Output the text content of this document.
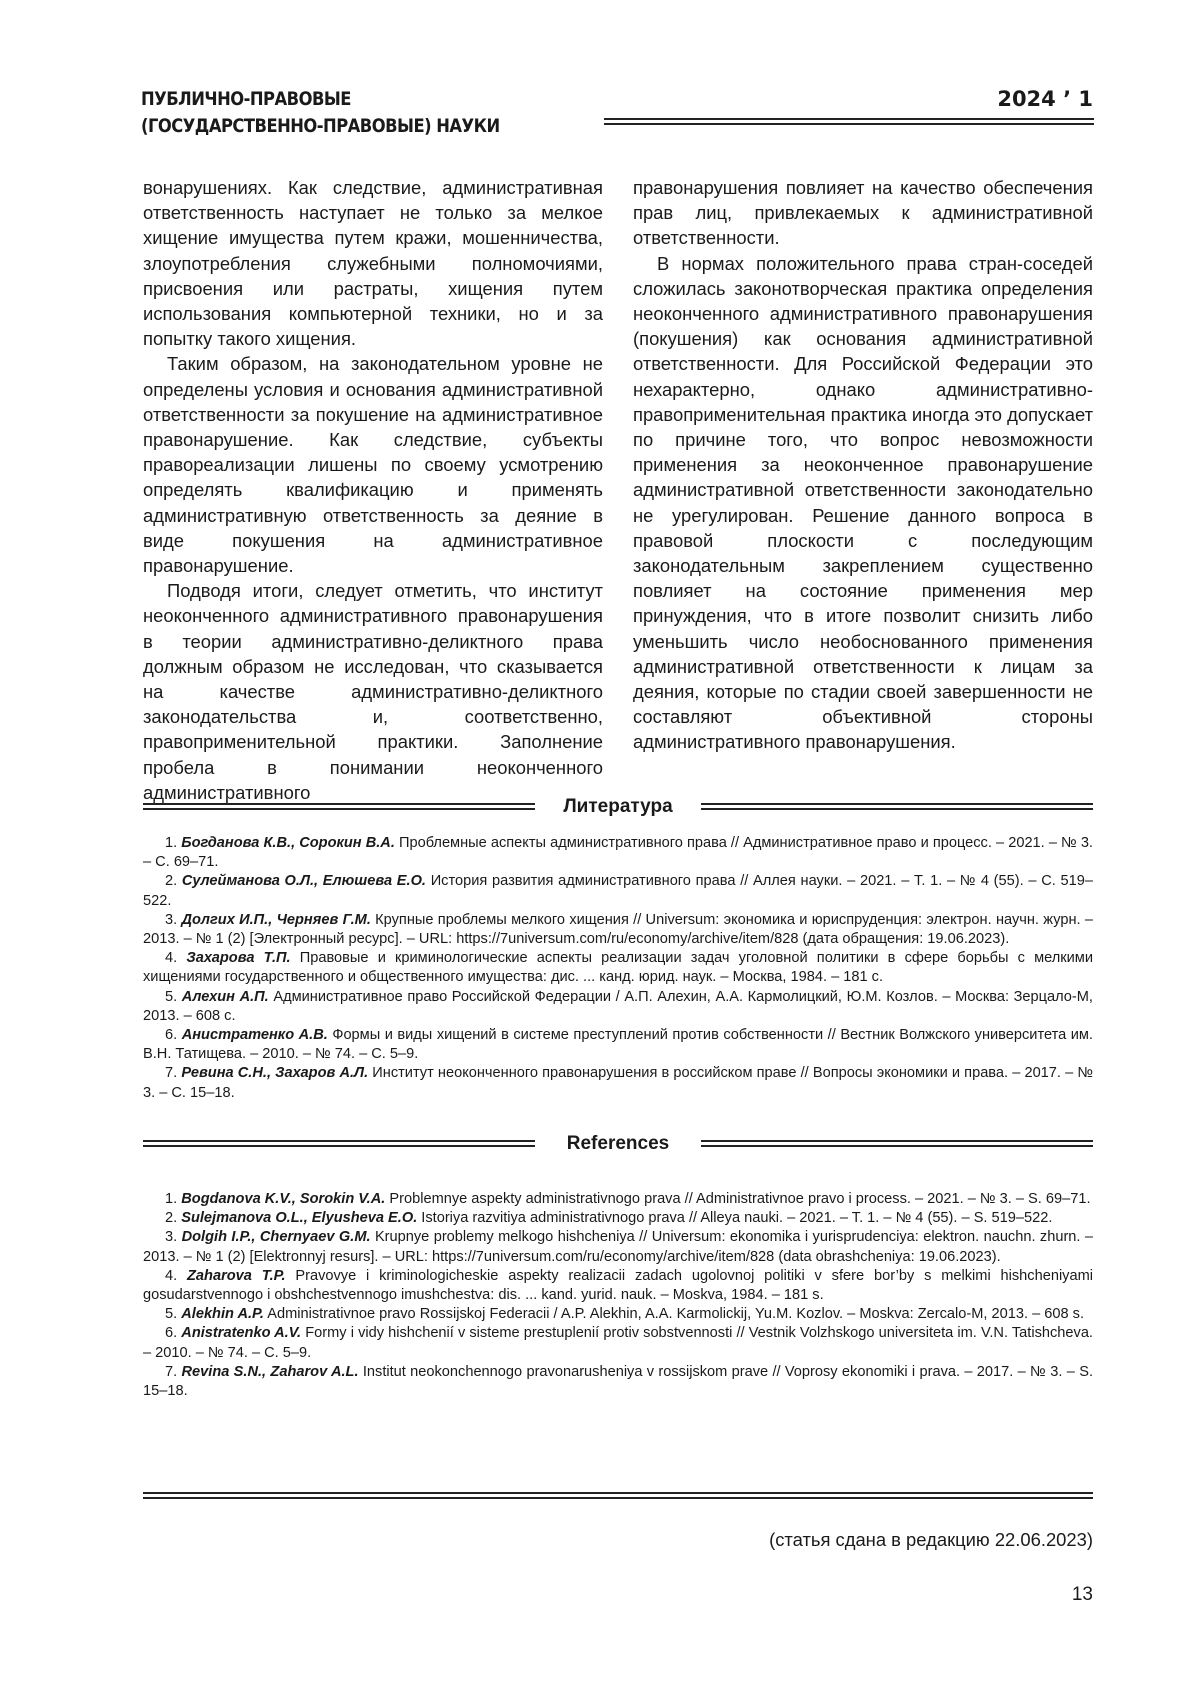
ПУБЛИЧНО-ПРАВОВЫЕ
(ГОСУДАРСТВЕННО-ПРАВОВЫЕ) НАУКИ
2024 ’ 1

вонарушениях. Как следствие, административная ответственность наступает не только за мелкое хищение имущества путем кражи, мошенничества, злоупотребления служебными полномочиями, присвоения или растраты, хищения путем использования компьютерной техники, но и за попытку такого хищения.

Таким образом, на законодательном уровне не определены условия и основания административной ответственности за покушение на административное правонарушение. Как следствие, субъекты правореализации лишены по своему усмотрению определять квалификацию и применять административную ответственность за деяние в виде покушения на административное правонарушение.

Подводя итоги, следует отметить, что институт неоконченного административного правонарушения в теории административно-деликтного права должным образом не исследован, что сказывается на качестве административно-деликтного законодательства и, соответственно, правоприменительной практики. Заполнение пробела в понимании неоконченного административного

правонарушения повлияет на качество обеспечения прав лиц, привлекаемых к административной ответственности.

В нормах положительного права стран-соседей сложилась законотворческая практика определения неоконченного административного правонарушения (покушения) как основания административной ответственности. Для Российской Федерации это нехарактерно, однако административно-правоприменительная практика иногда это допускает по причине того, что вопрос невозможности применения за неоконченное правонарушение административной ответственности законодательно не урегулирован. Решение данного вопроса в правовой плоскости с последующим законодательным закреплением существенно повлияет на состояние применения мер принуждения, что в итоге позволит снизить либо уменьшить число необоснованного применения административной ответственности к лицам за деяния, которые по стадии своей завершенности не составляют объективной стороны административного правонарушения.

Литература

1. Богданова К.В., Сорокин В.А. Проблемные аспекты административного права // Административное право и процесс. – 2021. – № 3. – С. 69–71.

2. Сулейманова О.Л., Елюшева Е.О. История развития административного права // Аллея науки. – 2021. – Т. 1. – № 4 (55). – С. 519–522.

3. Долгих И.П., Черняев Г.М. Крупные проблемы мелкого хищения // Universum: экономика и юриспруденция: электрон. научн. журн. – 2013. – № 1 (2) [Электронный ресурс]. – URL: https://7universum.com/ru/economy/archive/item/828 (дата обращения: 19.06.2023).

4. Захарова Т.П. Правовые и криминологические аспекты реализации задач уголовной политики в сфере борьбы с мелкими хищениями государственного и общественного имущества: дис. ... канд. юрид. наук. – Москва, 1984. – 181 с.

5. Алехин А.П. Административное право Российской Федерации / А.П. Алехин, А.А. Кармолицкий, Ю.М. Козлов. – Москва: Зерцало-М, 2013. – 608 с.

6. Анистратенко А.В. Формы и виды хищений в системе преступлений против собственности // Вестник Волжского университета им. В.Н. Татищева. – 2010. – № 74. – С. 5–9.

7. Ревина С.Н., Захаров А.Л. Институт неоконченного правонарушения в российском праве // Вопросы экономики и права. – 2017. – № 3. – С. 15–18.

References

1. Bogdanova K.V., Sorokin V.A. Problemnye aspekty administrativnogo prava // Administrativnoe pravo i process. – 2021. – № 3. – S. 69–71.

2. Sulejmanova O.L., Elyusheva E.O. Istoriya razvitiya administrativnogo prava // Alleya nauki. – 2021. – T. 1. – № 4 (55). – S. 519–522.

3. Dolgih I.P., Chernyaev G.M. Krupnye problemy melkogo hishcheniya // Universum: ekonomika i yurisprudenciya: elektron. nauchn. zhurn. – 2013. – № 1 (2) [Elektronnyj resurs]. – URL: https://7universum.com/ru/economy/archive/item/828 (data obrashcheniya: 19.06.2023).

4. Zaharova T.P. Pravovye i kriminologicheskie aspekty realizacii zadach ugolovnoj politiki v sfere bor’by s melkimi hishcheniyami gosudarstvennogo i obshchestvennogo imushchestva: dis. ... kand. yurid. nauk. – Moskva, 1984. – 181 s.

5. Alekhin A.P. Administrativnoe pravo Rossijskoj Federacii / A.P. Alekhin, A.A. Karmolickij, Yu.M. Kozlov. – Moskva: Zercalo-M, 2013. – 608 s.

6. Anistratenko A.V. Formy i vidy hishchenií v sisteme prestuplenií protiv sobstvennosti // Vestnik Volzhskogo universiteta im. V.N. Tatishcheva. – 2010. – № 74. – C. 5–9.

7. Revina S.N., Zaharov A.L. Institut neokonchennogo pravonarusheniya v rossijskom prave // Voprosy ekonomiki i prava. – 2017. – № 3. – S. 15–18.

(статья сдана в редакцию 22.06.2023)
13
